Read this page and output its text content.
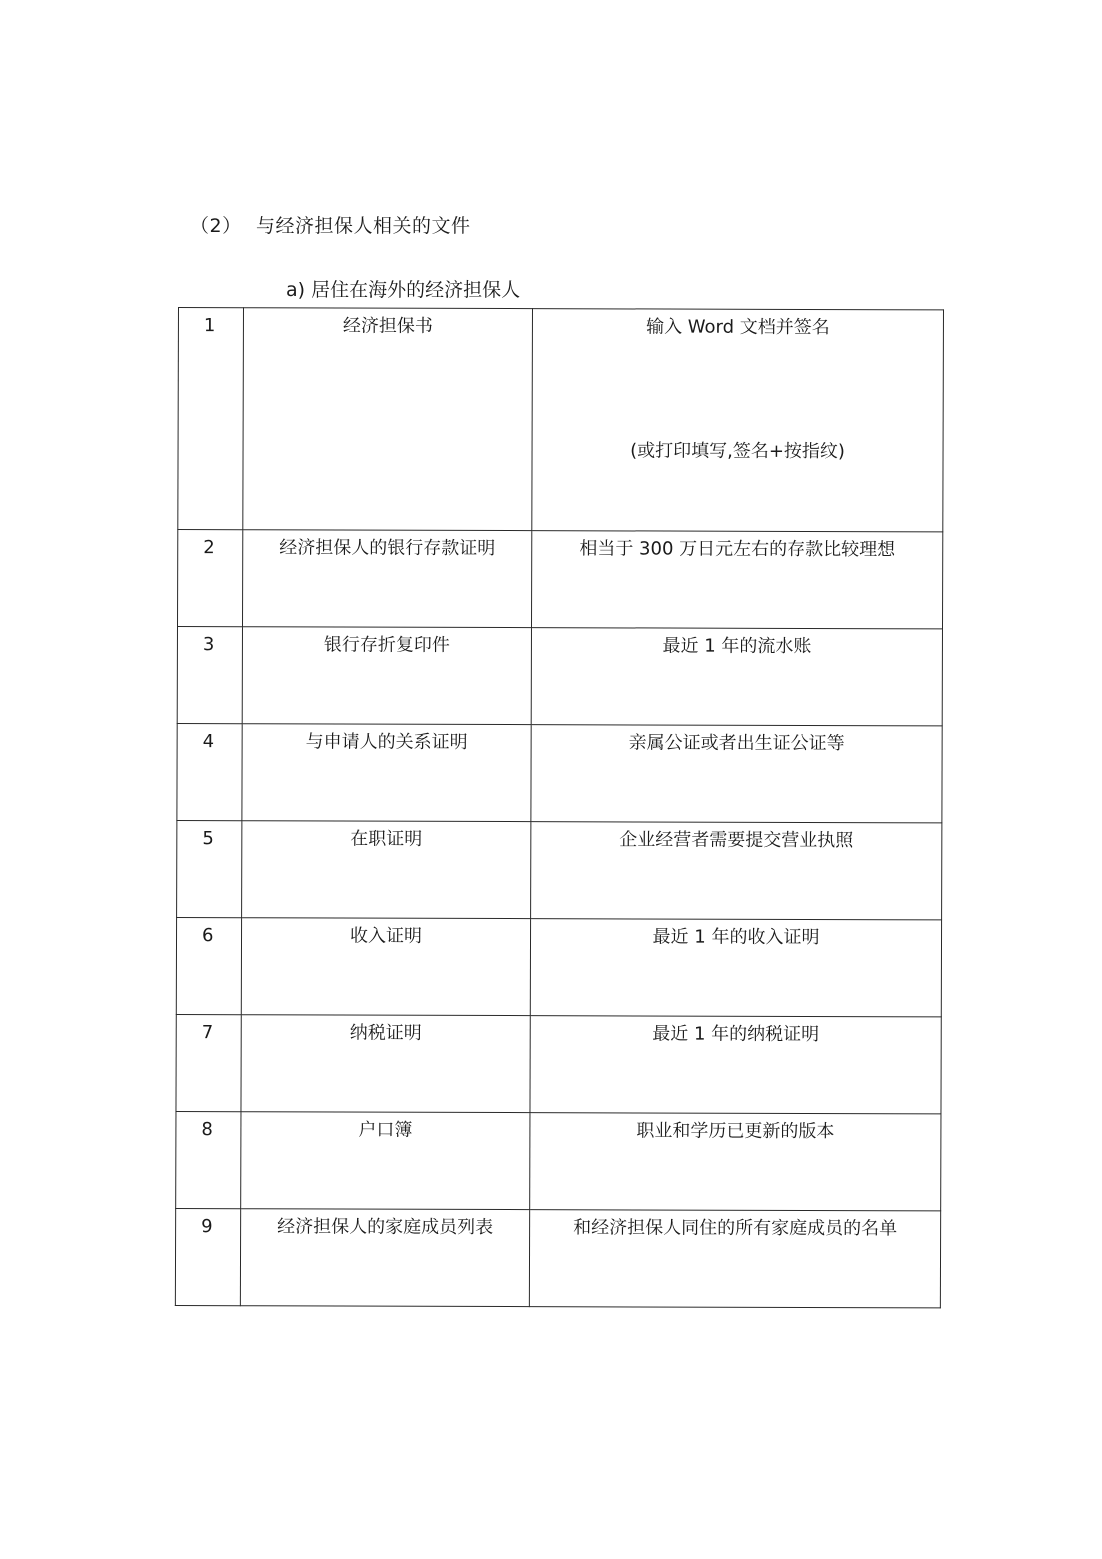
（2） 与经济担保人相关的文件
a) 居住在海外的经济担保人
1	经济担保书	输入 Word 文档并签名
(或打印填写,签名+按指纹)

2	经济担保人的银行存款证明	相当于 300 万日元左右的存款比较理想

3	银行存折复印件	最近 1 年的流水账

4	与申请人的关系证明	亲属公证或者出生证公证等

5	在职证明	企业经营者需要提交营业执照

6	收入证明	最近 1 年的收入证明

7	纳税证明	最近 1 年的纳税证明

8	户口簿	职业和学历已更新的版本

9	经济担保人的家庭成员列表	和经济担保人同住的所有家庭成员的名单
